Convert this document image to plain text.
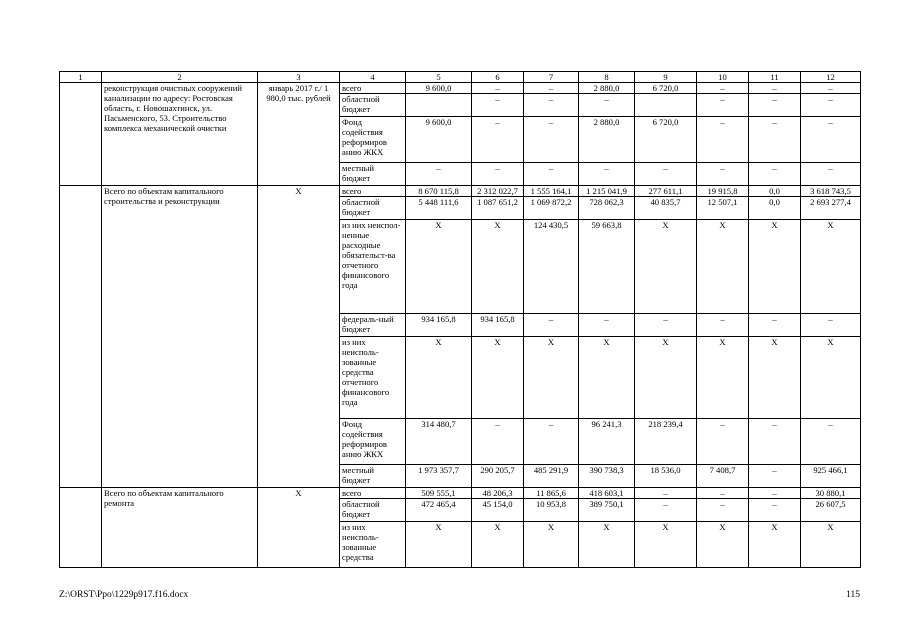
1	2	3	4	5	6	7	8	9	10	11	12
	реконструкция очистных сооружений канализации по адресу: Ростовская область, г. Новошахтинск, ул. Пасьменского, 53. Строительство комплекса механической очистки	январь 2017 г./ 1 980,0 тыс. рублей	всего	9 600,0	–	–	2 880,0	6 720,0	–	–	–
			областной бюджет		–	–	–		–	–	–
			Фонд содействия реформиров анию ЖКХ	9 600,0	–	–	2 880,0	6 720,0	–	–	–
			местный бюджет	–	–	–	–	–	–	–	–
	Всего по объектам капитального строительства и реконструкции	Х	всего	8 670 115,8	2 312 022,7	1 555 164,1	1 215 041,9	277 611,1	19 915,8	0,0	3 618 743,5
			областной бюджет	5 448 111,6	1 087 651,2	1 069 872,2	728 062,3	40 835,7	12 507,1	0,0	2 693 277,4
			из них неиспол-ненные расходные обязательст-ва отчетного финансового года	Х	Х	124 430,5	59 663,8	Х	Х	Х	Х
			федераль-ный бюджет	934 165,8	934 165,8	–	–	–	–	–	–
			из них неисполь-зованные средства отчетного финансового года	Х	Х	Х	Х	Х	Х	Х	Х
			Фонд содействия реформиров анию ЖКХ	314 480,7	–	–	96 241,3	218 239,4	–	–	–
			местный бюджет	1 973 357,7	290 205,7	485 291,9	390 738,3	18 536,0	7 408,7	–	925 466,1
	Всего по объектам капитального ремонта	Х	всего	509 555,1	48 206,3	11 865,6	418 603,1	–	–	–	30 880,1
			областной бюджет	472 465,4	45 154,0	10 953,8	389 750,1	–	–	–	26 607,5
			из них неисполь-зованные средства	Х	Х	Х	Х	Х	Х	Х	Х
Z:\ORST\Ppo\1229p917.f16.docx	115
